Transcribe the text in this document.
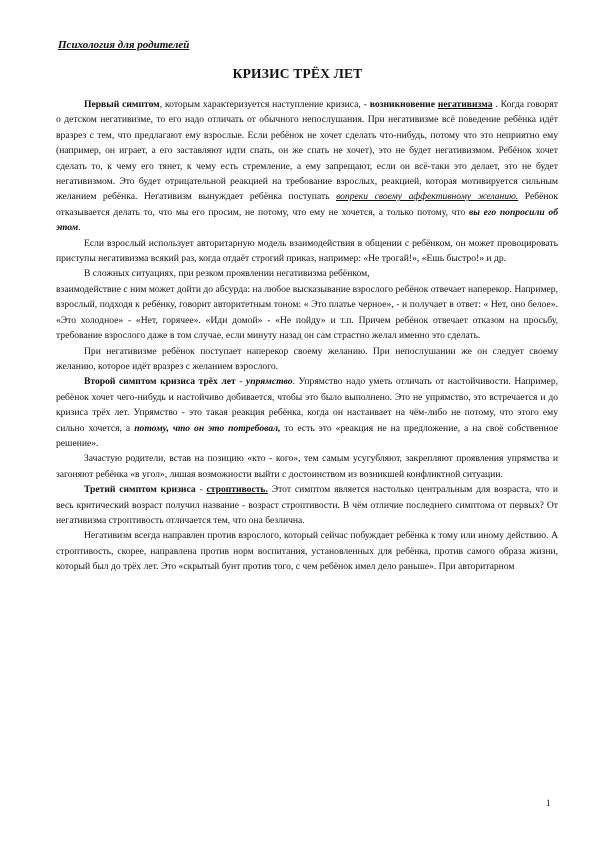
Психология для родителей
КРИЗИС ТРЁХ ЛЕТ

Первый симптом, которым характеризуется наступление кризиса, - возникновение негативизма . Когда говорят о детском негативизме, то его надо отличать от обычного непослушания. При негативизме всё поведение ребёнка идёт вразрез с тем, что предлагают ему взрослые. Если ребёнок не хочет сделать что-нибудь, потому что это неприятно ему (например, он играет, а его заставляют идти спать, он же спать не хочет), это не будет негативизмом. Ребёнок хочет сделать то, к чему его тянет, к чему есть стремление, а ему запрещают, если он всё-таки это делает, это не будет негативизмом. Это будет отрицательной реакцией на требование взрослых, реакцией, которая мотивируется сильным желанием ребёнка. Негативизм вынуждает ребёнка поступать вопреки своему аффективному желанию. Ребёнок отказывается делать то, что мы его просим, не потому, что ему не хочется, а только потому, что вы его попросили об этом.

Если взрослый использует авторитарную модель взаимодействия в общении с ребёнком, он может провоцировать приступы негативизма всякий раз, когда отдаёт строгий приказ, например: «Не трогай!», «Ешь быстро!» и др.

В сложных ситуациях, при резком проявлении негативизма ребёнком,

взаимодействие с ним может дойти до абсурда: на любое высказывание взрослого ребёнок отвечает наперекор. Например, взрослый, подходя к ребёнку, говорит авторитетным тоном: « Это платье черное», - и получает в ответ: « Нет, оно белое». «Это холодное» - «Нет, горячее». «Иди домой» - «Не пойду» и т.п. Причем ребёнок отвечает отказом на просьбу, требование взрослого даже в том случае, если минуту назад он сам страстно желал именно это сделать.

При негативизме ребёнок поступает наперекор своему желанию. При непослушании же он следует своему желанию, которое идёт вразрез с желанием взрослого.

Второй симптом кризиса трёх лет - упрямство. Упрямство надо уметь отличать от настойчивости. Например, ребёнок хочет чего-нибудь и настойчиво добивается, чтобы это было выполнено. Это не упрямство, это встречается и до кризиса трёх лет. Упрямство - это такая реакция ребёнка, когда он настаивает на чём-либо не потому, что этого ему сильно хочется, а потому, что он это потребовал, то есть это «реакция не на предложение, а на своё собственное решение».

Зачастую родители, встав на позицию «кто - кого», тем самым усугубляют, закрепляют проявления упрямства и загоняют ребёнка «в угол», лишая возможности выйти с достоинством из возникшей конфликтной ситуации.

Третий симптом кризиса - строптивость. Этот симптом является настолько центральным для возраста, что и весь критический возраст получил название - возраст строптивости. В чём отличие последнего симптома от первых? От негативизма строптивость отличается тем, что она безлична.

Негативизм всегда направлен против взрослого, который сейчас побуждает ребёнка к тому или иному действию. А строптивость, скорее, направлена против норм воспитания, установленных для ребёнка, против самого образа жизни, который был до трёх лет. Это «скрытый бунт против того, с чем ребёнок имел дело раньше». При авторитарном

1
